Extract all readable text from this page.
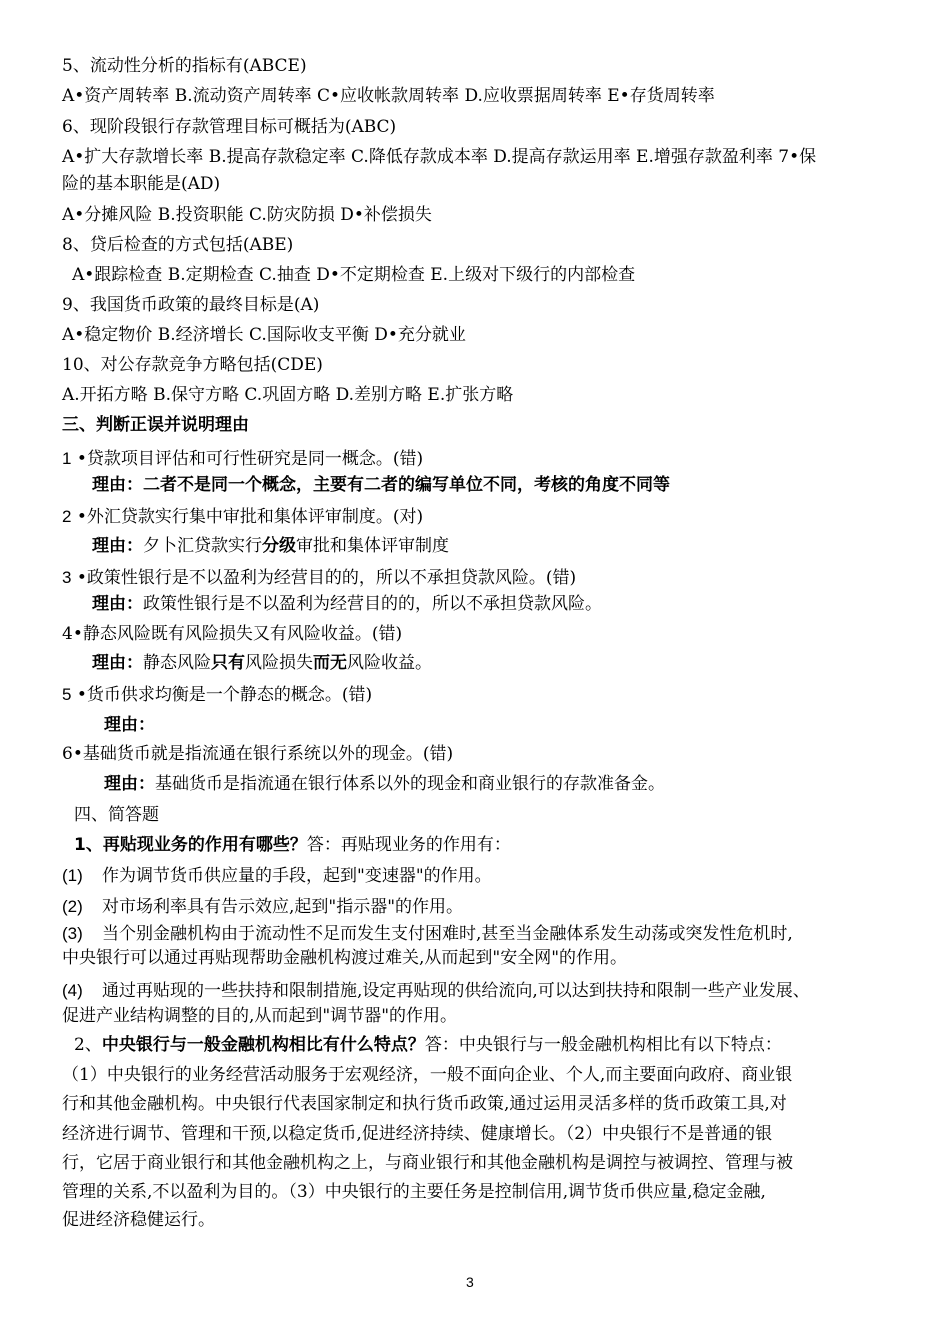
5、流动性分析的指标有(ABCE)
A•资产周转率 B.流动资产周转率 C•应收帐款周转率 D.应收票据周转率 E•存货周转率
6、现阶段银行存款管理目标可概括为(ABC)
A•扩大存款增长率 B.提高存款稳定率 C.降低存款成本率 D.提高存款运用率 E.增强存款盈利率 7•保
险的基本职能是(AD)
A•分摊风险 B.投资职能 C.防灾防损 D•补偿损失
8、贷后检查的方式包括(ABE)
A•跟踪检查 B.定期检查 C.抽查 D•不定期检查 E.上级对下级行的内部检查
9、我国货币政策的最终目标是(A)
A•稳定物价 B.经济增长 C.国际收支平衡 D•充分就业
10、对公存款竞争方略包括(CDE)
A.开拓方略 B.保守方略 C.巩固方略 D.差别方略 E.扩张方略
三、判断正误并说明理由
1 •贷款项目评估和可行性研究是同一概念。(错)
理由：二者不是同一个概念，主要有二者的编写单位不同，考核的角度不同等
2 •外汇贷款实行集中审批和集体评审制度。(对)
理由：夕卜汇贷款实行分级审批和集体评审制度
3 •政策性银行是不以盈利为经营目的的，所以不承担贷款风险。(错)
理由：政策性银行是不以盈利为经营目的的，所以不承担贷款风险。
4•静态风险既有风险损失又有风险收益。(错)
理由：静态风险只有风险损失而无风险收益。
5 •货币供求均衡是一个静态的概念。(错)
理由：
6•基础货币就是指流通在银行系统以外的现金。(错)
理由：基础货币是指流通在银行体系以外的现金和商业银行的存款准备金。
四、简答题
1、再贴现业务的作用有哪些？答：再贴现业务的作用有：
(1) 作为调节货币供应量的手段，起到"变速器"的作用。
(2) 对市场利率具有告示效应,起到"指示器"的作用。
(3) 当个别金融机构由于流动性不足而发生支付困难时,甚至当金融体系发生动荡或突发性危机时,
中央银行可以通过再贴现帮助金融机构渡过难关,从而起到"安全网"的作用。
(4) 通过再贴现的一些扶持和限制措施,设定再贴现的供给流向,可以达到扶持和限制一些产业发展、
促进产业结构调整的目的,从而起到"调节器"的作用。
2、中央银行与一般金融机构相比有什么特点？答：中央银行与一般金融机构相比有以下特点：
（1）中央银行的业务经营活动服务于宏观经济，一般不面向企业、个人,而主要面向政府、商业银
行和其他金融机构。中央银行代表国家制定和执行货币政策,通过运用灵活多样的货币政策工具,对
经济进行调节、管理和干预,以稳定货币,促进经济持续、健康增长。（2）中央银行不是普通的银
行，它居于商业银行和其他金融机构之上，与商业银行和其他金融机构是调控与被调控、管理与被
管理的关系,不以盈利为目的。（3）中央银行的主要任务是控制信用,调节货币供应量,稳定金融,
促进经济稳健运行。
3
